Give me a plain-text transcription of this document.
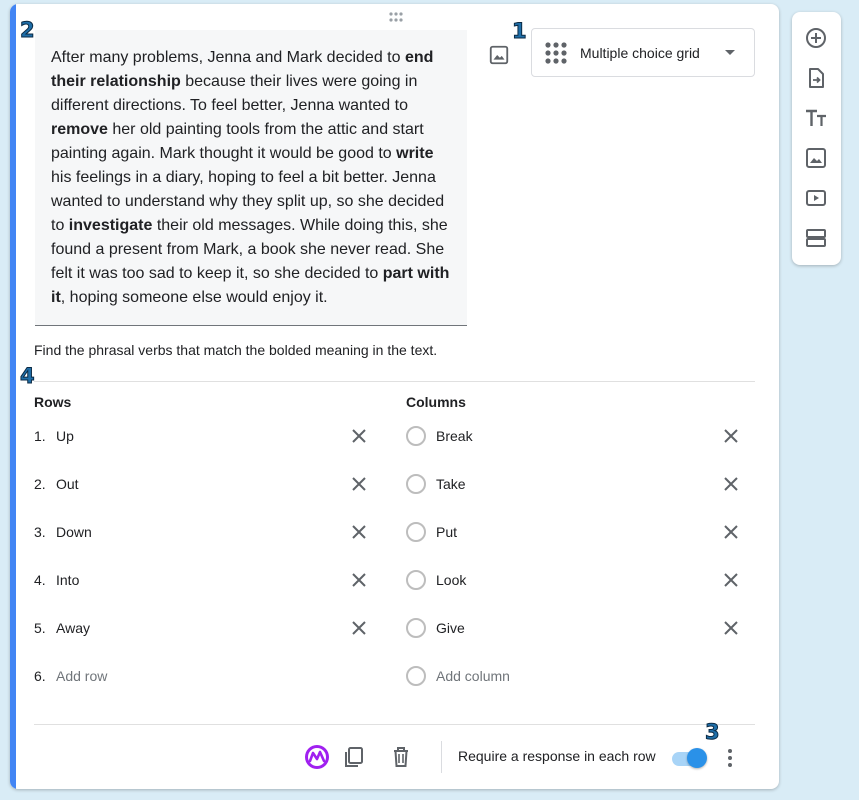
After many problems, Jenna and Mark decided to end their relationship because their lives were going in different directions. To feel better, Jenna wanted to remove her old painting tools from the attic and start painting again. Mark thought it would be good to write his feelings in a diary, hoping to feel a bit better. Jenna wanted to understand why they split up, so she decided to investigate their old messages. While doing this, she found a present from Mark, a book she never read. She felt it was too sad to keep it, so she decided to part with it, hoping someone else would enjoy it.
Multiple choice grid
Find the phrasal verbs that match the bolded meaning in the text.
Rows	Columns
1. Up
2. Out
3. Down
4. Into
5. Away
6. Add row
Break
Take
Put
Look
Give
Add column
Require a response in each row
2	1
3
4
